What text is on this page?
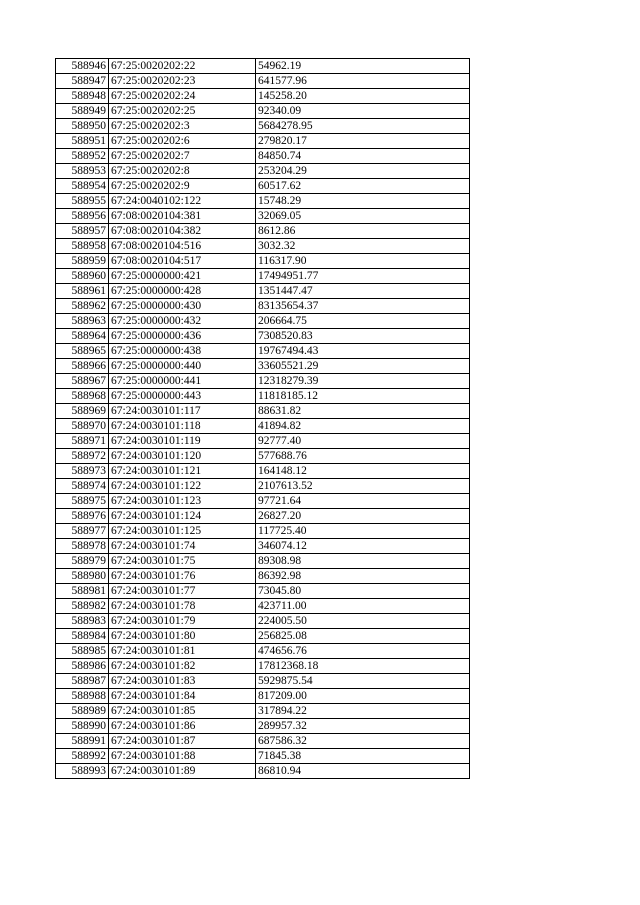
588946	67:25:0020202:22	54962.19
588947	67:25:0020202:23	641577.96
588948	67:25:0020202:24	145258.20
588949	67:25:0020202:25	92340.09
588950	67:25:0020202:3	5684278.95
588951	67:25:0020202:6	279820.17
588952	67:25:0020202:7	84850.74
588953	67:25:0020202:8	253204.29
588954	67:25:0020202:9	60517.62
588955	67:24:0040102:122	15748.29
588956	67:08:0020104:381	32069.05
588957	67:08:0020104:382	8612.86
588958	67:08:0020104:516	3032.32
588959	67:08:0020104:517	116317.90
588960	67:25:0000000:421	17494951.77
588961	67:25:0000000:428	1351447.47
588962	67:25:0000000:430	83135654.37
588963	67:25:0000000:432	206664.75
588964	67:25:0000000:436	7308520.83
588965	67:25:0000000:438	19767494.43
588966	67:25:0000000:440	33605521.29
588967	67:25:0000000:441	12318279.39
588968	67:25:0000000:443	11818185.12
588969	67:24:0030101:117	88631.82
588970	67:24:0030101:118	41894.82
588971	67:24:0030101:119	92777.40
588972	67:24:0030101:120	577688.76
588973	67:24:0030101:121	164148.12
588974	67:24:0030101:122	2107613.52
588975	67:24:0030101:123	97721.64
588976	67:24:0030101:124	26827.20
588977	67:24:0030101:125	117725.40
588978	67:24:0030101:74	346074.12
588979	67:24:0030101:75	89308.98
588980	67:24:0030101:76	86392.98
588981	67:24:0030101:77	73045.80
588982	67:24:0030101:78	423711.00
588983	67:24:0030101:79	224005.50
588984	67:24:0030101:80	256825.08
588985	67:24:0030101:81	474656.76
588986	67:24:0030101:82	17812368.18
588987	67:24:0030101:83	5929875.54
588988	67:24:0030101:84	817209.00
588989	67:24:0030101:85	317894.22
588990	67:24:0030101:86	289957.32
588991	67:24:0030101:87	687586.32
588992	67:24:0030101:88	71845.38
588993	67:24:0030101:89	86810.94
